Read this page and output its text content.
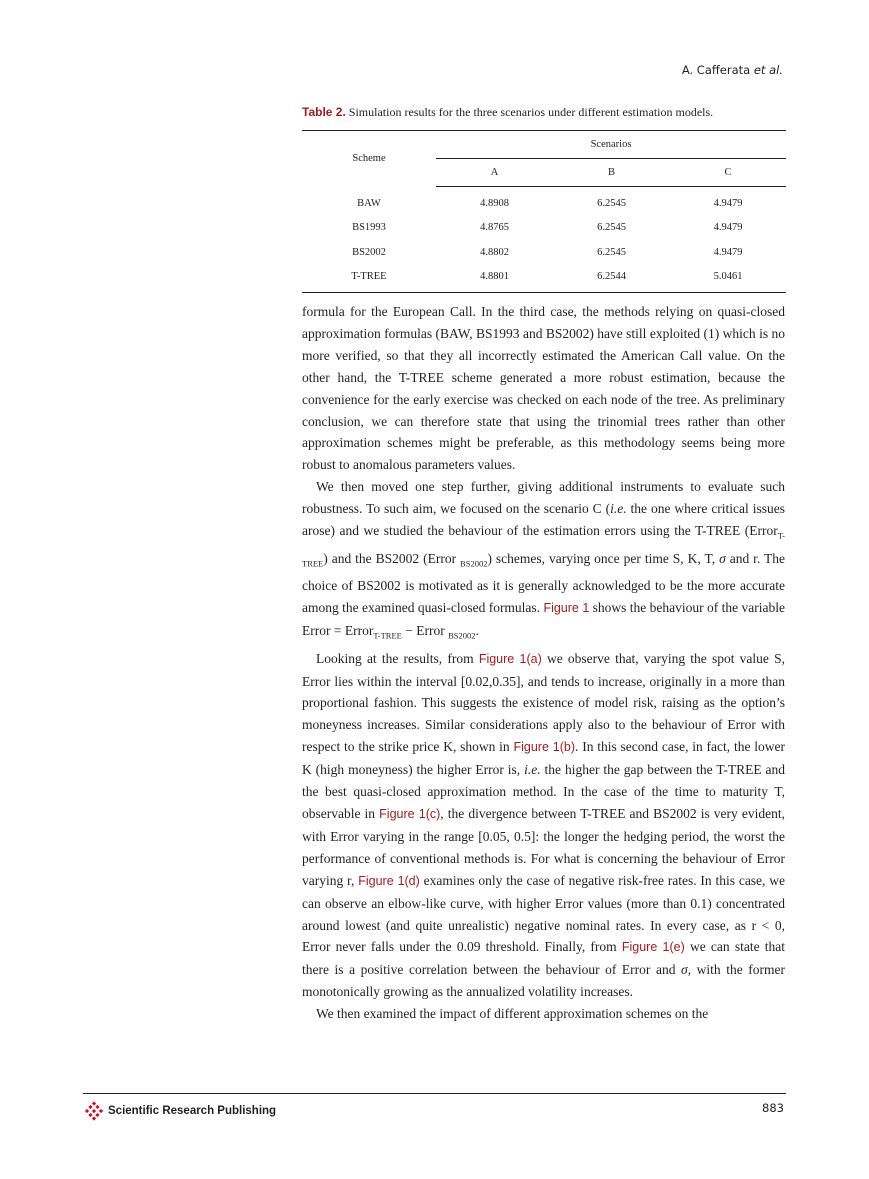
A. Cafferata et al.
Table 2. Simulation results for the three scenarios under different estimation models.
Scheme	Scenarios		
	A	B	C
BAW	4.8908	6.2545	4.9479
BS1993	4.8765	6.2545	4.9479
BS2002	4.8802	6.2545	4.9479
T-TREE	4.8801	6.2544	5.0461

formula for the European Call. In the third case, the methods relying on quasi-closed approximation formulas (BAW, BS1993 and BS2002) have still exploited (1) which is no more verified, so that they all incorrectly estimated the American Call value. On the other hand, the T-TREE scheme generated a more robust estimation, because the convenience for the early exercise was checked on each node of the tree. As preliminary conclusion, we can therefore state that using the trinomial trees rather than other approximation schemes might be preferable, as this methodology seems being more robust to anomalous parameters values.

We then moved one step further, giving additional instruments to evaluate such robustness. To such aim, we focused on the scenario C (i.e. the one where critical issues arose) and we studied the behaviour of the estimation errors using the T-TREE (Error$_{T-TREE}$) and the BS2002 (Error $_{BS2002}$) schemes, varying once per time S, K, T, σ and r. The choice of BS2002 is motivated as it is generally acknowledged to be the more accurate among the examined quasi-closed formulas. Figure 1 shows the behaviour of the variable Error = Error$_{T-TREE}$ − Error $_{BS2002}$.

Looking at the results, from Figure 1(a) we observe that, varying the spot value S, Error lies within the interval [0.02,0.35], and tends to increase, originally in a more than proportional fashion. This suggests the existence of model risk, raising as the option’s moneyness increases. Similar considerations apply also to the behaviour of Error with respect to the strike price K, shown in Figure 1(b). In this second case, in fact, the lower K (high moneyness) the higher Error is, i.e. the higher the gap between the T-TREE and the best quasi-closed approximation method. In the case of the time to maturity T, observable in Figure 1(c), the divergence between T-TREE and BS2002 is very evident, with Error varying in the range [0.05, 0.5]: the longer the hedging period, the worst the performance of conventional methods is. For what is concerning the behaviour of Error varying r, Figure 1(d) examines only the case of negative risk-free rates. In this case, we can observe an elbow-like curve, with higher Error values (more than 0.1) concentrated around lowest (and quite unrealistic) negative nominal rates. In every case, as r < 0, Error never falls under the 0.09 threshold. Finally, from Figure 1(e) we can state that there is a positive correlation between the behaviour of Error and σ, with the former monotonically growing as the annualized volatility increases.

We then examined the impact of different approximation schemes on the

Scientific Research Publishing	883
